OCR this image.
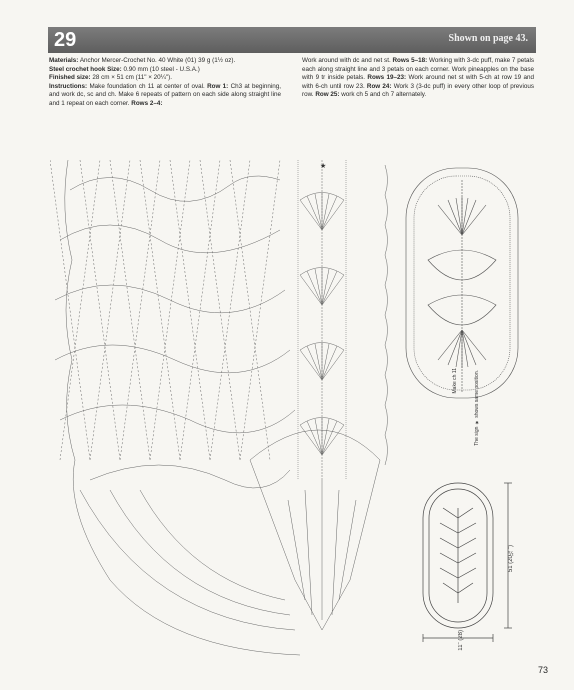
29	Shown on page 43.
Materials: Anchor Mercer-Crochet No. 40 White (01) 39 g (1½ oz).
Steel crochet hook Size: 0.90 mm (10 steel - U.S.A.)
Finished size: 28 cm × 51 cm (11" × 20¼").
Instructions: Make foundation ch 11 at center of oval. Row 1: Ch3 at beginning, and work dc, sc and ch. Make 6 repeats of pattern on each side along straight line and 1 repeat on each corner. Rows 2–4:
Work around with dc and net st. Rows 5–18: Working with 3-dc puff, make 7 petals each along straight line and 3 petals on each corner. Work pineapples on the base with 9 tr inside petals. Rows 19–23: Work around net st with 5-ch at row 19 and with 6-ch until row 23. Row 24: Work 3 (3-dc puff) in every other loop of previous row. Row 25: work ch 5 and ch 7 alternately.
★
Make ch 11	The sign ★ shows same position.
51 (20¼")
11" (28)
73
